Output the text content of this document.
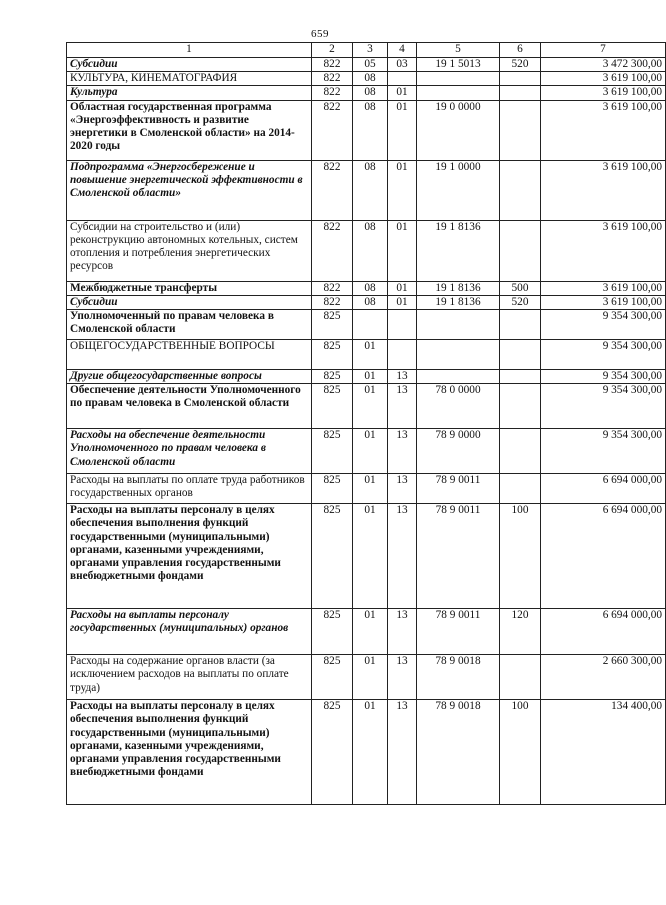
659
1	2	3	4	5	6	7
Субсидии	822	05	03	19 1 5013	520	3 472 300,00
КУЛЬТУРА, КИНЕМАТОГРАФИЯ	822	08				3 619 100,00
Культура	822	08	01			3 619 100,00
Областная государственная программа «Энергоэффективность и развитие энергетики в Смоленской области» на 2014-2020 годы	822	08	01	19 0 0000		3 619 100,00
Подпрограмма «Энергосбережение и повышение энергетической эффективности в Смоленской области»	822	08	01	19 1 0000		3 619 100,00
Субсидии на строительство и (или) реконструкцию автономных котельных, систем отопления и потребления энергетических ресурсов	822	08	01	19 1 8136		3 619 100,00
Межбюджетные трансферты	822	08	01	19 1 8136	500	3 619 100,00
Субсидии	822	08	01	19 1 8136	520	3 619 100,00
Уполномоченный по правам человека в Смоленской области	825					9 354 300,00
ОБЩЕГОСУДАРСТВЕННЫЕ ВОПРОСЫ	825	01				9 354 300,00
Другие общегосударственные вопросы	825	01	13			9 354 300,00
Обеспечение деятельности Уполномоченного по правам человека в Смоленской области	825	01	13	78 0 0000		9 354 300,00
Расходы на обеспечение деятельности Уполномоченного по правам человека в Смоленской области	825	01	13	78 9 0000		9 354 300,00
Расходы на выплаты по оплате труда работников государственных органов	825	01	13	78 9 0011		6 694 000,00
Расходы на выплаты персоналу в целях обеспечения выполнения функций государственными (муниципальными) органами, казенными учреждениями, органами управления государственными внебюджетными фондами	825	01	13	78 9 0011	100	6 694 000,00
Расходы на выплаты персоналу государственных (муниципальных) органов	825	01	13	78 9 0011	120	6 694 000,00
Расходы на содержание органов власти (за исключением расходов на выплаты по оплате труда)	825	01	13	78 9 0018		2 660 300,00
Расходы на выплаты персоналу в целях обеспечения выполнения функций государственными (муниципальными) органами, казенными учреждениями, органами управления государственными внебюджетными фондами	825	01	13	78 9 0018	100	134 400,00
